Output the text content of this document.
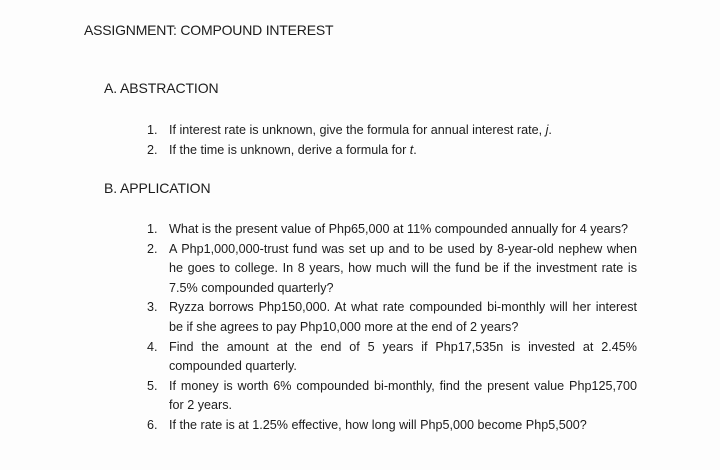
ASSIGNMENT: COMPOUND INTEREST
A. ABSTRACTION
1. If interest rate is unknown, give the formula for annual interest rate, j.
2. If the time is unknown, derive a formula for t.
B. APPLICATION
1. What is the present value of Php65,000 at 11% compounded annually for 4 years?
2. A Php1,000,000-trust fund was set up and to be used by 8-year-old nephew when he goes to college. In 8 years, how much will the fund be if the investment rate is 7.5% compounded quarterly?
3. Ryzza borrows Php150,000. At what rate compounded bi-monthly will her interest be if she agrees to pay Php10,000 more at the end of 2 years?
4. Find the amount at the end of 5 years if Php17,535n is invested at 2.45% compounded quarterly.
5. If money is worth 6% compounded bi-monthly, find the present value Php125,700 for 2 years.
6. If the rate is at 1.25% effective, how long will Php5,000 become Php5,500?
